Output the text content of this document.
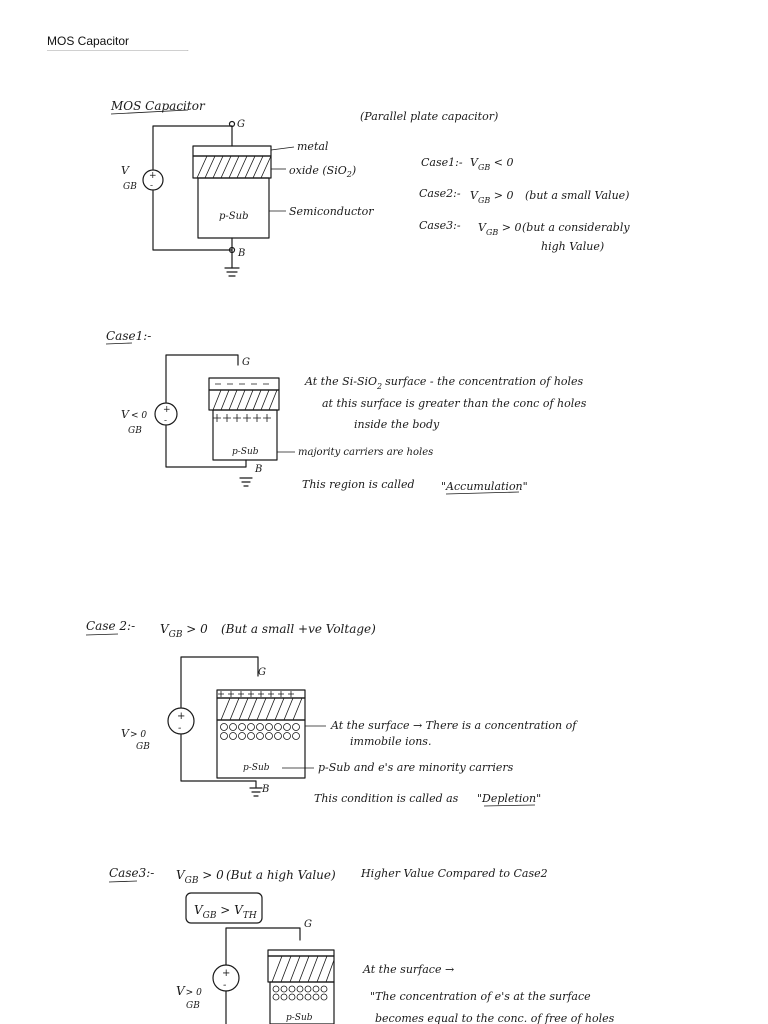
MOS Capacitor	.
MOS Capacitor
(Parallel plate capacitor)
G
B
+
-
V
GB
p-Sub
metal
oxide (SiO$_2$)
Semiconductor
Case1:- $V_{GB} < 0$
Case2:- $V_{GB} > 0$ (but a small Value)
Case3:- $V_{GB} > 0$ (but a considerably
high Value)
Case1:-
G
B
+
-
V < 0
GB
p-Sub
At the Si-SiO$_2$ surface - the concentration of holes
at this surface is greater than the conc of holes
inside the body
majority carriers are holes
This region is called "Accumulation"
Case 2:- $V_{GB} > 0$ (But a small +ve Voltage)
G
B
+
-
V> 0
GB
p-Sub
At the surface → There is a concentration of
immobile ions.
p-Sub and e's are minority carriers
This condition is called as "Depletion"
Case3:- $V_{GB} > 0$ (But a high Value) Higher Value Compared to Case2
$V_{GB} > V_{TH}$
G
+
-
V> 0
GB
p-Sub
At the surface →
"The concentration of e's at the surface
becomes equal to the conc. of free of holes
